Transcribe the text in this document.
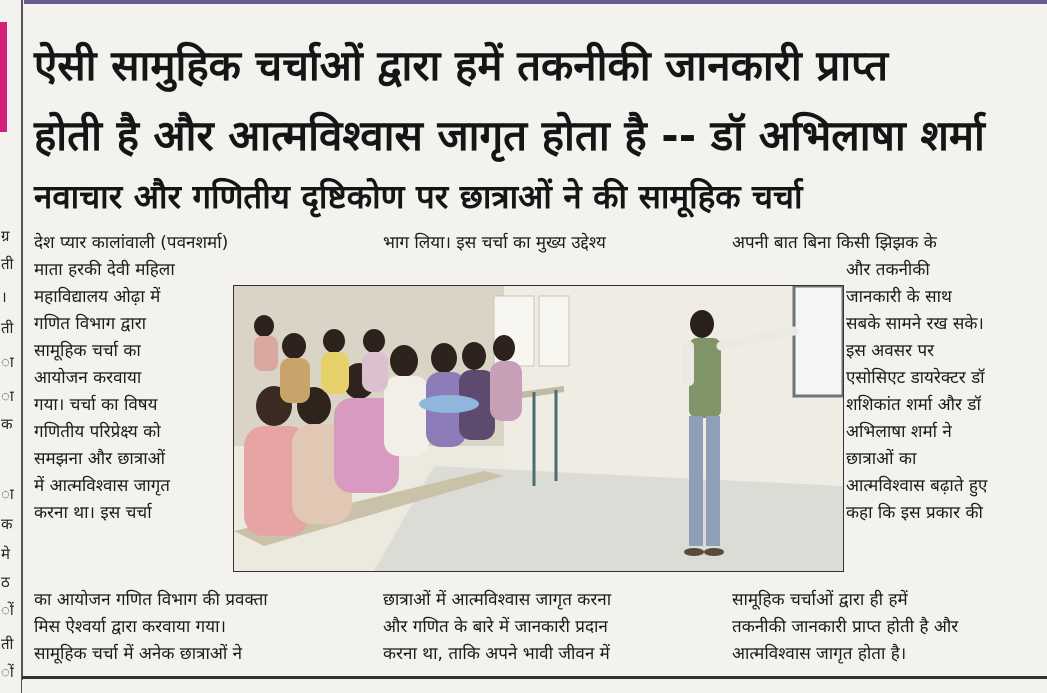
ग्र
ती
।
ती
ा
ा
क
ा
क
मे
ठ
ों
ती
ों
ऐसी सामुहिक चर्चाओं द्वारा हमें तकनीकी जानकारी प्राप्त
होती है और आत्मविश्वास जागृत होता है -- डॉ अभिलाषा शर्मा
नवाचार और गणितीय दृष्टिकोण पर छात्राओं ने की सामूहिक चर्चा
देश प्यार कालांवाली (पवनशर्मा)
माता हरकी देवी महिला
महाविद्यालय ओढ़ा में
गणित विभाग द्वारा
सामूहिक चर्चा का
आयोजन करवाया
गया। चर्चा का विषय
गणितीय परिप्रेक्ष्य को
समझना और छात्राओं
में आत्मविश्वास जागृत
करना था। इस चर्चा
का आयोजन गणित विभाग की प्रवक्ता
मिस ऐश्वर्या द्वारा करवाया गया।
सामूहिक चर्चा में अनेक छात्राओं ने
भाग लिया। इस चर्चा का मुख्य उद्देश्य
छात्राओं में आत्मविश्वास जागृत करना
और गणित के बारे में जानकारी प्रदान
करना था, ताकि अपने भावी जीवन में
अपनी बात बिना किसी झिझक के
और तकनीकी
जानकारी के साथ
सबके सामने रख सके।
इस अवसर पर
एसोसिएट डायरेक्टर डॉ
शशिकांत शर्मा और डॉ
अभिलाषा शर्मा ने
छात्राओं का
आत्मविश्वास बढ़ाते हुए
कहा कि इस प्रकार की
सामूहिक चर्चाओं द्वारा ही हमें
तकनीकी जानकारी प्राप्त होती है और
आत्मविश्वास जागृत होता है।
